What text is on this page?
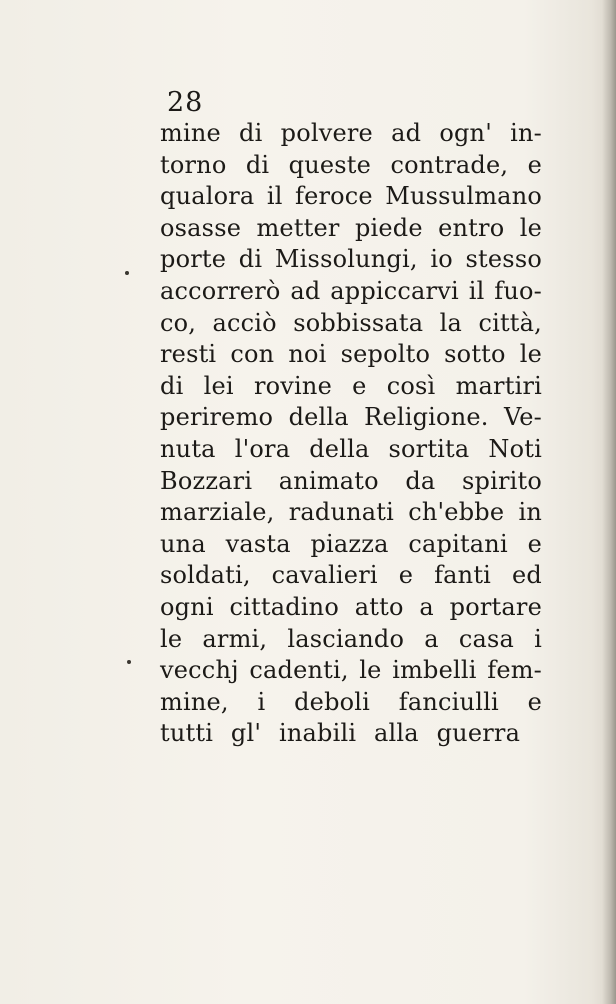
28
mine di polvere ad ogn' in-
torno di queste contrade, e
qualora il feroce Mussulmano
osasse metter piede entro le
porte di Missolungi, io stesso
accorrerò ad appiccarvi il fuo-
co, acciò sobbissata la città,
resti con noi sepolto sotto le
di lei rovine e così martiri
periremo della Religione. Ve-
nuta l'ora della sortita Noti
Bozzari animato da spirito
marziale, radunati ch'ebbe in
una vasta piazza capitani e
soldati, cavalieri e fanti ed
ogni cittadino atto a portare
le armi, lasciando a casa i
vecchj cadenti, le imbelli fem-
mine, i deboli fanciulli e
tutti gl' inabili alla guerra
